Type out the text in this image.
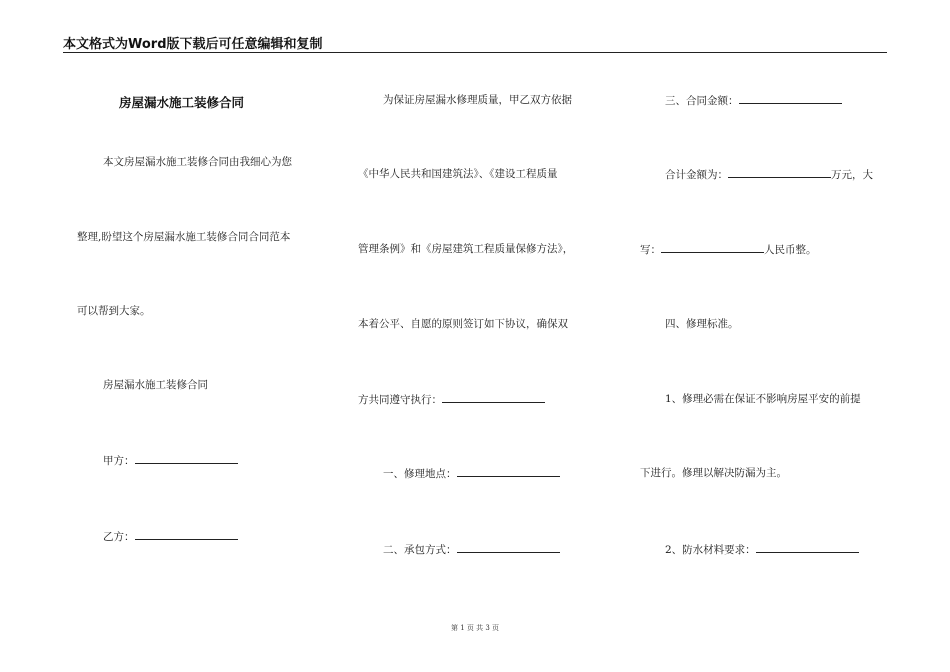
本文格式为Word版下载后可任意编辑和复制
房屋漏水施工装修合同
本文房屋漏水施工装修合同由我细心为您
整理,盼望这个房屋漏水施工装修合同合同范本
可以帮到大家。
房屋漏水施工装修合同
甲方：
乙方：
为保证房屋漏水修理质量，甲乙双方依据
《中华人民共和国建筑法》、《建设工程质量
管理条例》和《房屋建筑工程质量保修方法》，
本着公平、自愿的原则签订如下协议，确保双
方共同遵守执行：
一、修理地点：
二、承包方式：
三、合同金额：
合计金额为：	万元，大
写：	人民币整。
四、修理标准。
1、修理必需在保证不影响房屋平安的前提
下进行。修理以解决防漏为主。
2、防水材料要求：
第 1 页 共 3 页
